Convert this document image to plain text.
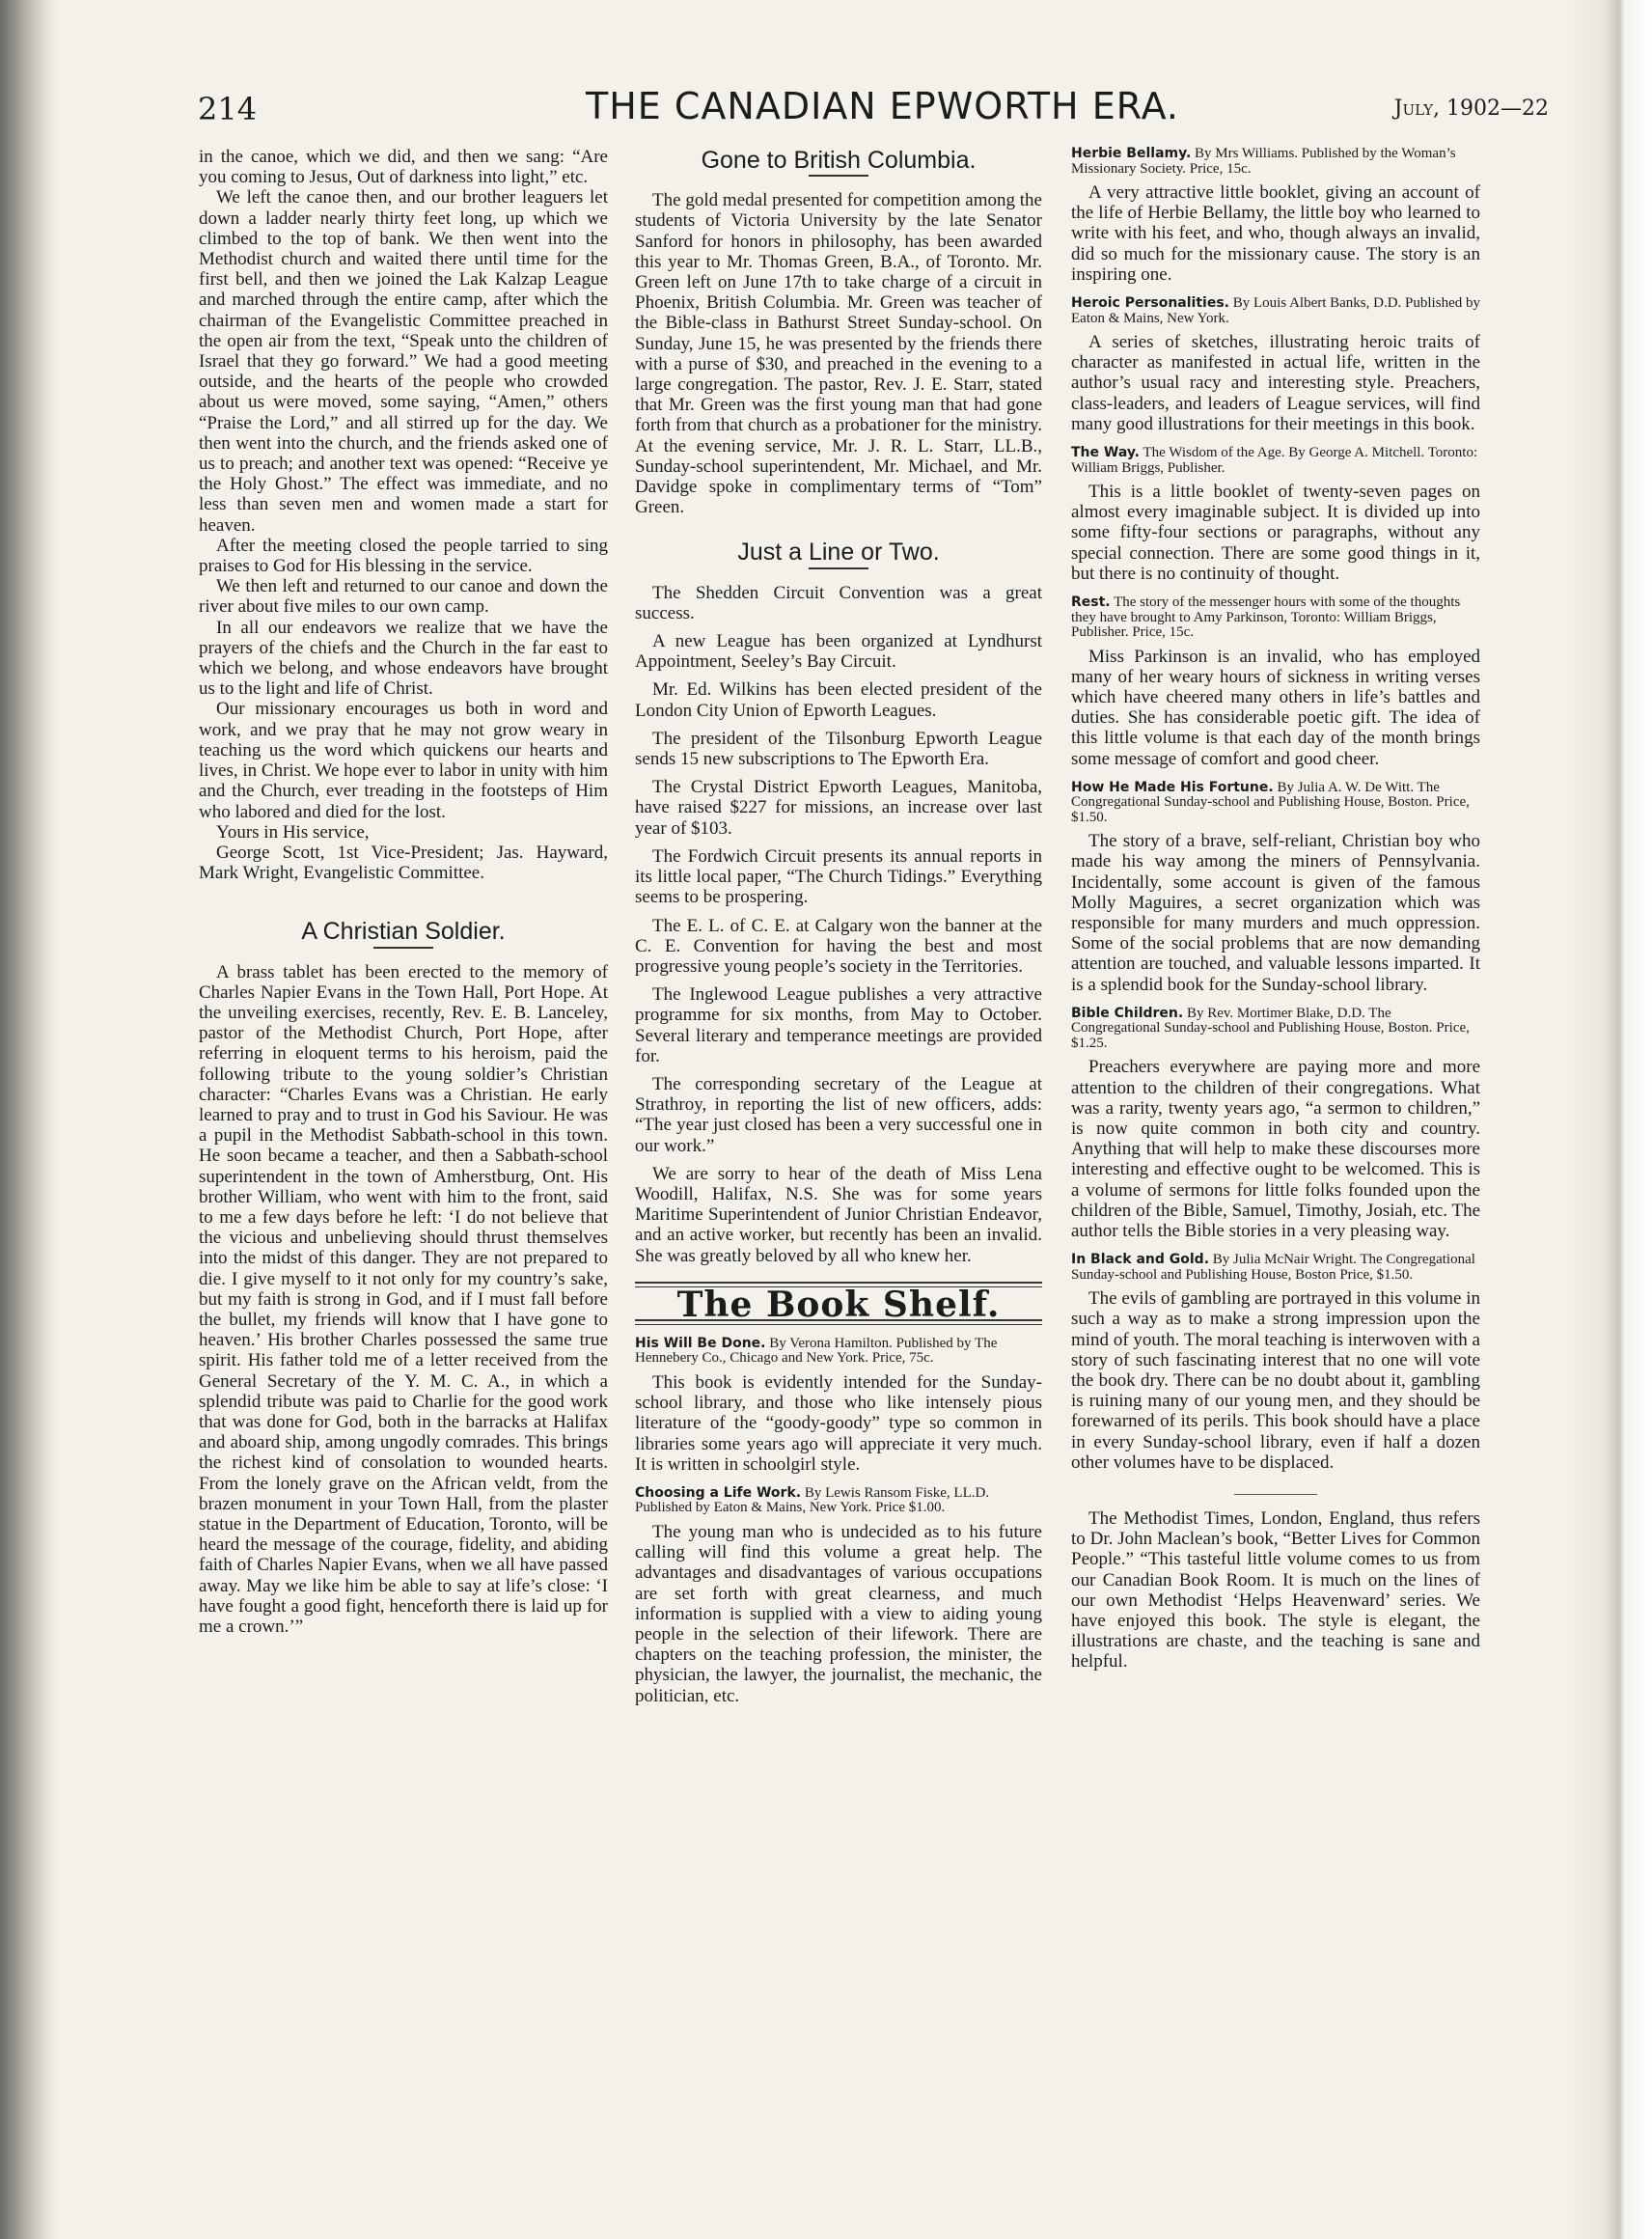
214	THE CANADIAN EPWORTH ERA.	July, 1902—22

in the canoe, which we did, and then we sang: “Are you coming to Jesus, Out of darkness into light,” etc.

We left the canoe then, and our brother leaguers let down a ladder nearly thirty feet long, up which we climbed to the top of bank. We then went into the Methodist church and waited there until time for the first bell, and then we joined the Lak Kalzap League and marched through the entire camp, after which the chairman of the Evangelistic Committee preached in the open air from the text, “Speak unto the children of Israel that they go forward.” We had a good meeting outside, and the hearts of the people who crowded about us were moved, some saying, “Amen,” others “Praise the Lord,” and all stirred up for the day. We then went into the church, and the friends asked one of us to preach; and another text was opened: “Receive ye the Holy Ghost.” The effect was immediate, and no less than seven men and women made a start for heaven.

After the meeting closed the people tarried to sing praises to God for His blessing in the service.

We then left and returned to our canoe and down the river about five miles to our own camp.

In all our endeavors we realize that we have the prayers of the chiefs and the Church in the far east to which we belong, and whose endeavors have brought us to the light and life of Christ.

Our missionary encourages us both in word and work, and we pray that he may not grow weary in teaching us the word which quickens our hearts and lives, in Christ. We hope ever to labor in unity with him and the Church, ever treading in the footsteps of Him who labored and died for the lost.

Yours in His service,

George Scott, 1st Vice-President; Jas. Hayward, Mark Wright, Evangelistic Committee.

A Christian Soldier.

A brass tablet has been erected to the memory of Charles Napier Evans in the Town Hall, Port Hope. At the unveiling exercises, recently, Rev. E. B. Lanceley, pastor of the Methodist Church, Port Hope, after referring in eloquent terms to his heroism, paid the following tribute to the young soldier’s Christian character: “Charles Evans was a Christian. He early learned to pray and to trust in God his Saviour. He was a pupil in the Methodist Sabbath-school in this town. He soon became a teacher, and then a Sabbath-school superintendent in the town of Amherstburg, Ont. His brother William, who went with him to the front, said to me a few days before he left: ‘I do not believe that the vicious and unbelieving should thrust themselves into the midst of this danger. They are not prepared to die. I give myself to it not only for my country’s sake, but my faith is strong in God, and if I must fall before the bullet, my friends will know that I have gone to heaven.’ His brother Charles possessed the same true spirit. His father told me of a letter received from the General Secretary of the Y. M. C. A., in which a splendid tribute was paid to Charlie for the good work that was done for God, both in the barracks at Halifax and aboard ship, among ungodly comrades. This brings the richest kind of consolation to wounded hearts. From the lonely grave on the African veldt, from the brazen monument in your Town Hall, from the plaster statue in the Department of Education, Toronto, will be heard the message of the courage, fidelity, and abiding faith of Charles Napier Evans, when we all have passed away. May we like him be able to say at life’s close: ‘I have fought a good fight, henceforth there is laid up for me a crown.’”

Gone to British Columbia.

The gold medal presented for competition among the students of Victoria University by the late Senator Sanford for honors in philosophy, has been awarded this year to Mr. Thomas Green, B.A., of Toronto. Mr. Green left on June 17th to take charge of a circuit in Phoenix, British Columbia. Mr. Green was teacher of the Bible-class in Bathurst Street Sunday-school. On Sunday, June 15, he was presented by the friends there with a purse of $30, and preached in the evening to a large congregation. The pastor, Rev. J. E. Starr, stated that Mr. Green was the first young man that had gone forth from that church as a probationer for the ministry. At the evening service, Mr. J. R. L. Starr, LL.B., Sunday-school superintendent, Mr. Michael, and Mr. Davidge spoke in complimentary terms of “Tom” Green.

Just a Line or Two.

The Shedden Circuit Convention was a great success.

A new League has been organized at Lyndhurst Appointment, Seeley’s Bay Circuit.

Mr. Ed. Wilkins has been elected president of the London City Union of Epworth Leagues.

The president of the Tilsonburg Epworth League sends 15 new subscriptions to The Epworth Era.

The Crystal District Epworth Leagues, Manitoba, have raised $227 for missions, an increase over last year of $103.

The Fordwich Circuit presents its annual reports in its little local paper, “The Church Tidings.” Everything seems to be prospering.

The E. L. of C. E. at Calgary won the banner at the C. E. Convention for having the best and most progressive young people’s society in the Territories.

The Inglewood League publishes a very attractive programme for six months, from May to October. Several literary and temperance meetings are provided for.

The corresponding secretary of the League at Strathroy, in reporting the list of new officers, adds: “The year just closed has been a very successful one in our work.”

We are sorry to hear of the death of Miss Lena Woodill, Halifax, N.S. She was for some years Maritime Superintendent of Junior Christian Endeavor, and an active worker, but recently has been an invalid. She was greatly beloved by all who knew her.

The Book Shelf.

His Will Be Done. By Verona Hamilton. Published by The Hennebery Co., Chicago and New York. Price, 75c.

This book is evidently intended for the Sunday-school library, and those who like intensely pious literature of the “goody-goody” type so common in libraries some years ago will appreciate it very much. It is written in schoolgirl style.

Choosing a Life Work. By Lewis Ransom Fiske, LL.D. Published by Eaton & Mains, New York. Price $1.00.

The young man who is undecided as to his future calling will find this volume a great help. The advantages and disadvantages of various occupations are set forth with great clearness, and much information is supplied with a view to aiding young people in the selection of their lifework. There are chapters on the teaching profession, the minister, the physician, the lawyer, the journalist, the mechanic, the politician, etc.

Herbie Bellamy. By Mrs Williams. Published by the Woman’s Missionary Society. Price, 15c.

A very attractive little booklet, giving an account of the life of Herbie Bellamy, the little boy who learned to write with his feet, and who, though always an invalid, did so much for the missionary cause. The story is an inspiring one.

Heroic Personalities. By Louis Albert Banks, D.D. Published by Eaton & Mains, New York.

A series of sketches, illustrating heroic traits of character as manifested in actual life, written in the author’s usual racy and interesting style. Preachers, class-leaders, and leaders of League services, will find many good illustrations for their meetings in this book.

The Way. The Wisdom of the Age. By George A. Mitchell. Toronto: William Briggs, Publisher.

This is a little booklet of twenty-seven pages on almost every imaginable subject. It is divided up into some fifty-four sections or paragraphs, without any special connection. There are some good things in it, but there is no continuity of thought.

Rest. The story of the messenger hours with some of the thoughts they have brought to Amy Parkinson, Toronto: William Briggs, Publisher. Price, 15c.

Miss Parkinson is an invalid, who has employed many of her weary hours of sickness in writing verses which have cheered many others in life’s battles and duties. She has considerable poetic gift. The idea of this little volume is that each day of the month brings some message of comfort and good cheer.

How He Made His Fortune. By Julia A. W. De Witt. The Congregational Sunday-school and Publishing House, Boston. Price, $1.50.

The story of a brave, self-reliant, Christian boy who made his way among the miners of Pennsylvania. Incidentally, some account is given of the famous Molly Maguires, a secret organization which was responsible for many murders and much oppression. Some of the social problems that are now demanding attention are touched, and valuable lessons imparted. It is a splendid book for the Sunday-school library.

Bible Children. By Rev. Mortimer Blake, D.D. The Congregational Sunday-school and Publishing House, Boston. Price, $1.25.

Preachers everywhere are paying more and more attention to the children of their congregations. What was a rarity, twenty years ago, “a sermon to children,” is now quite common in both city and country. Anything that will help to make these discourses more interesting and effective ought to be welcomed. This is a volume of sermons for little folks founded upon the children of the Bible, Samuel, Timothy, Josiah, etc. The author tells the Bible stories in a very pleasing way.

In Black and Gold. By Julia McNair Wright. The Congregational Sunday-school and Publishing House, Boston Price, $1.50.

The evils of gambling are portrayed in this volume in such a way as to make a strong impression upon the mind of youth. The moral teaching is interwoven with a story of such fascinating interest that no one will vote the book dry. There can be no doubt about it, gambling is ruining many of our young men, and they should be forewarned of its perils. This book should have a place in every Sunday-school library, even if half a dozen other volumes have to be displaced.

The Methodist Times, London, England, thus refers to Dr. John Maclean’s book, “Better Lives for Common People.” “This tasteful little volume comes to us from our Canadian Book Room. It is much on the lines of our own Methodist ‘Helps Heavenward’ series. We have enjoyed this book. The style is elegant, the illustrations are chaste, and the teaching is sane and helpful.
